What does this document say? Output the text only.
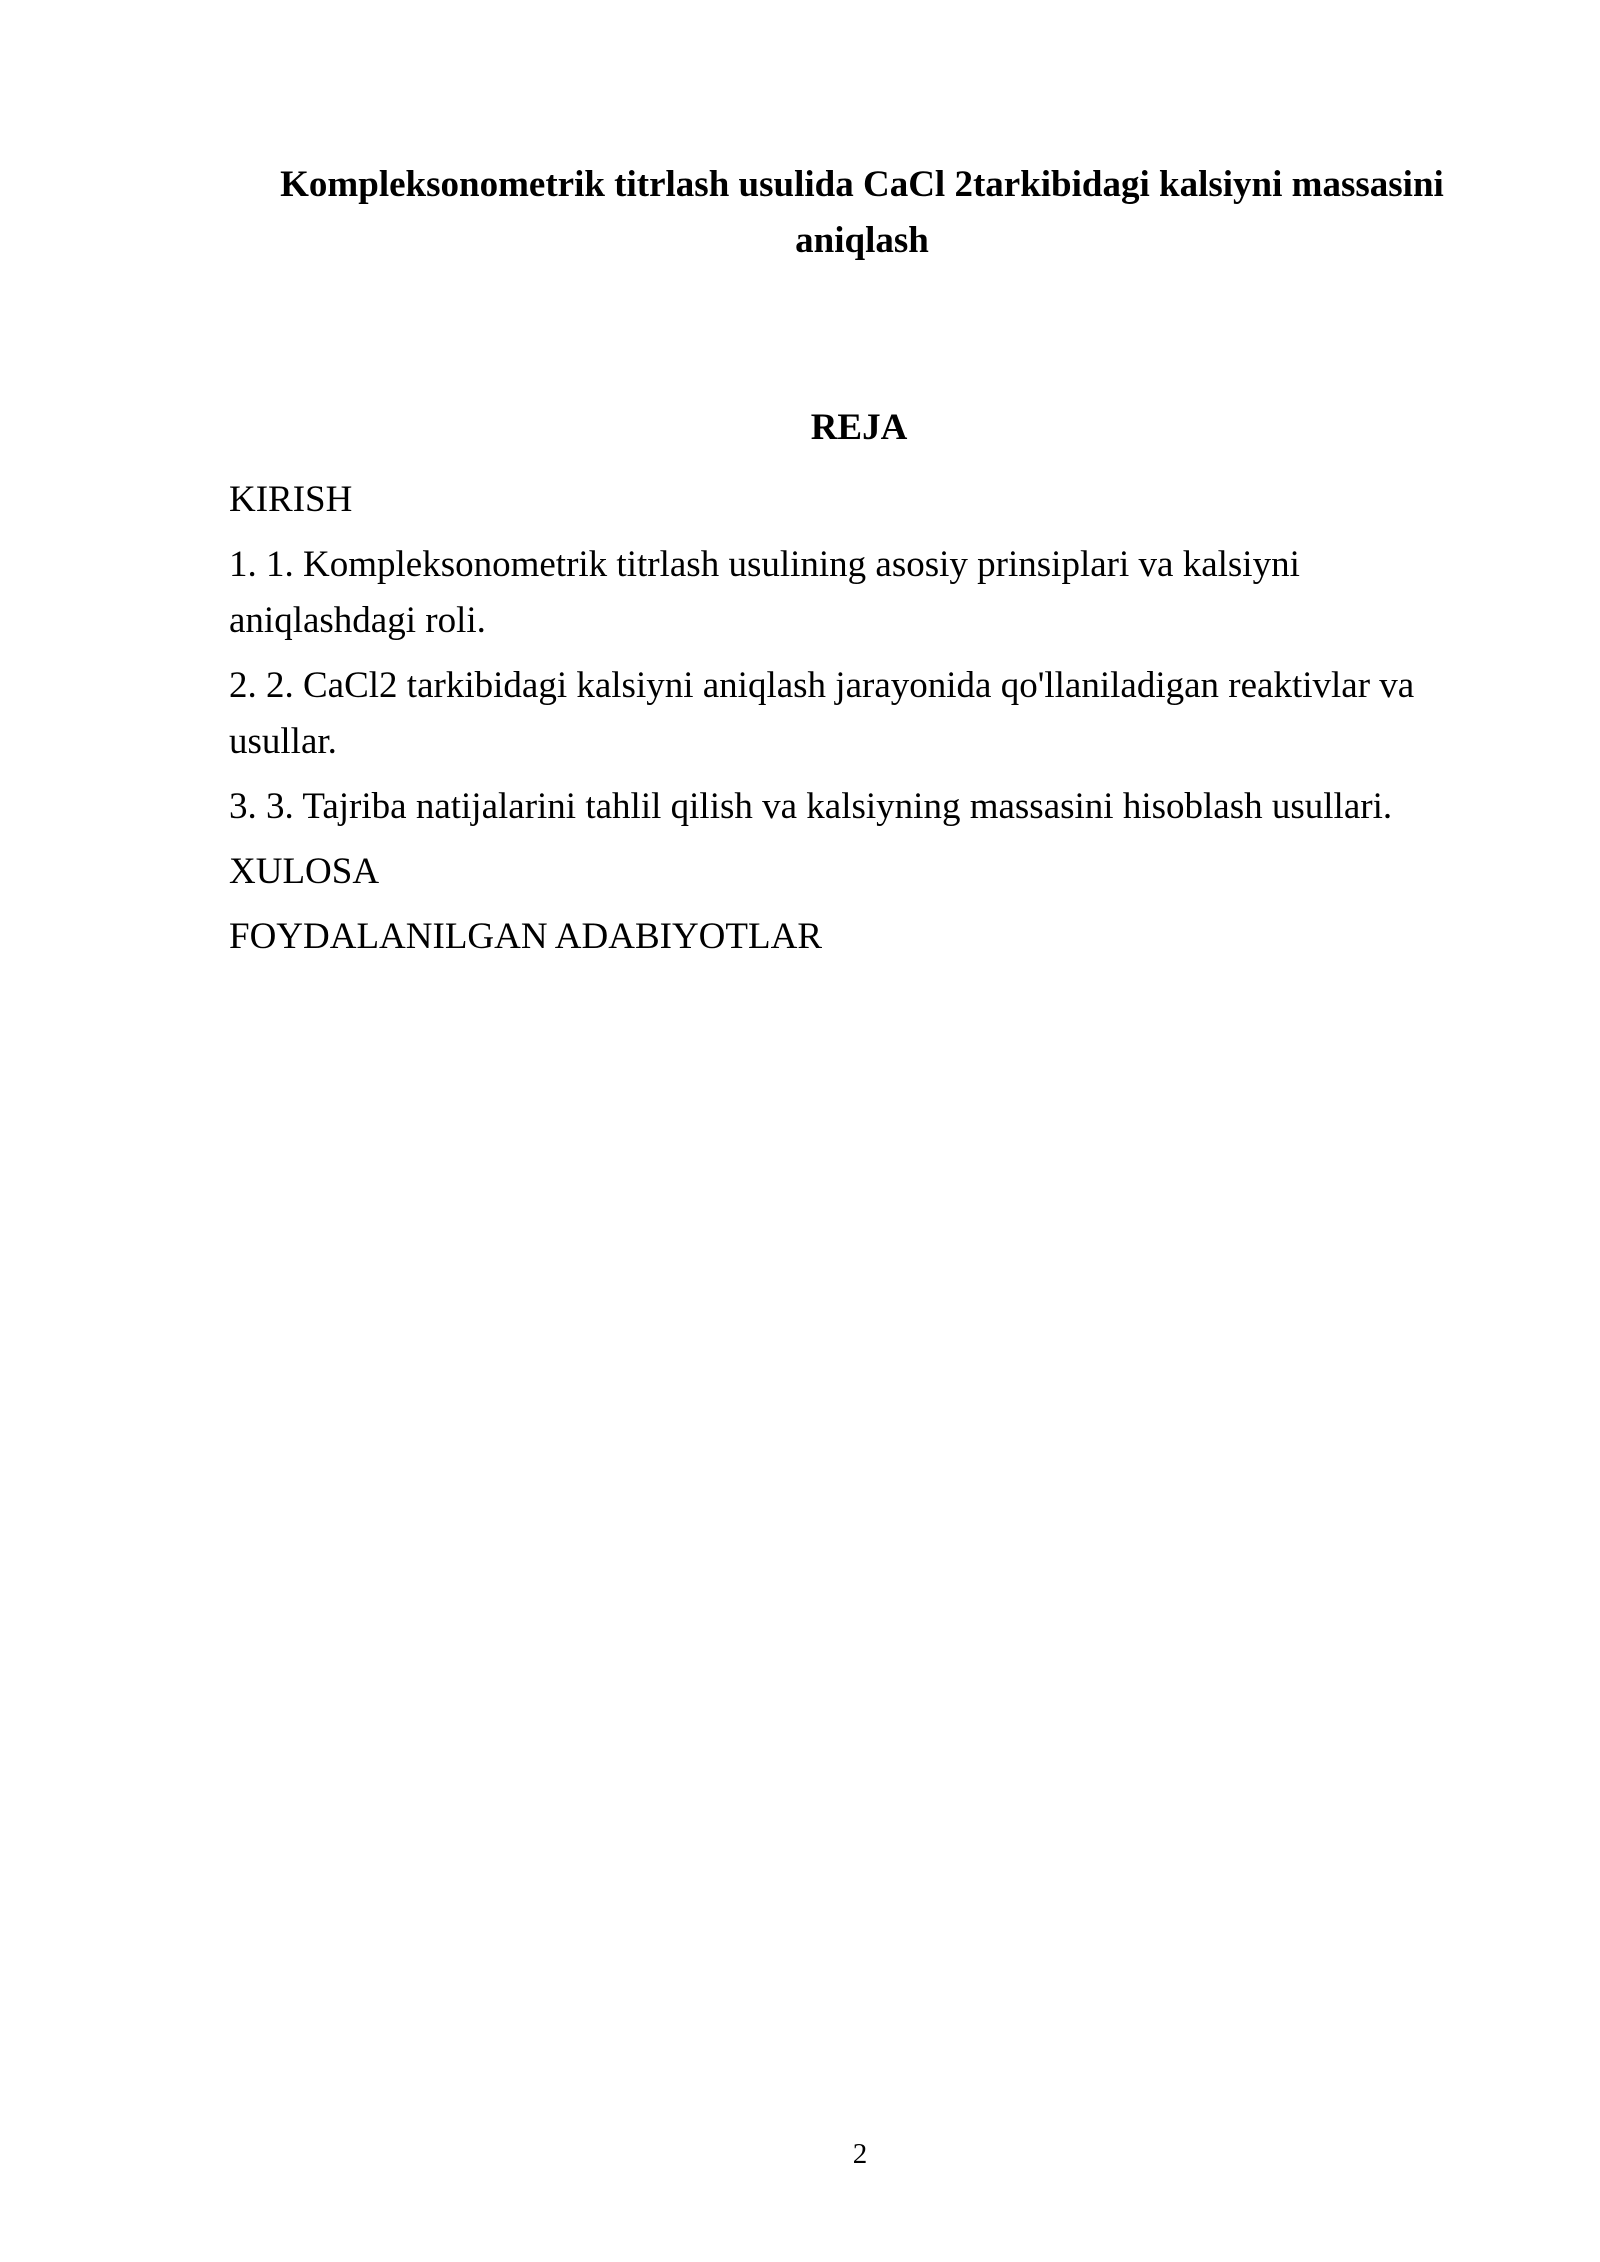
Kompleksonometrik titrlash usulida CaCl 2tarkibidagi kalsiyni massasini aniqlash
REJA
KIRISH
1. 1. Kompleksonometrik titrlash usulining asosiy prinsiplari va kalsiyni aniqlashdagi roli.
2. 2. CaCl2 tarkibidagi kalsiyni aniqlash jarayonida qo'llaniladigan reaktivlar va usullar.
3. 3. Tajriba natijalarini tahlil qilish va kalsiyning massasini hisoblash usullari.
XULOSA
FOYDALANILGAN ADABIYOTLAR
2
